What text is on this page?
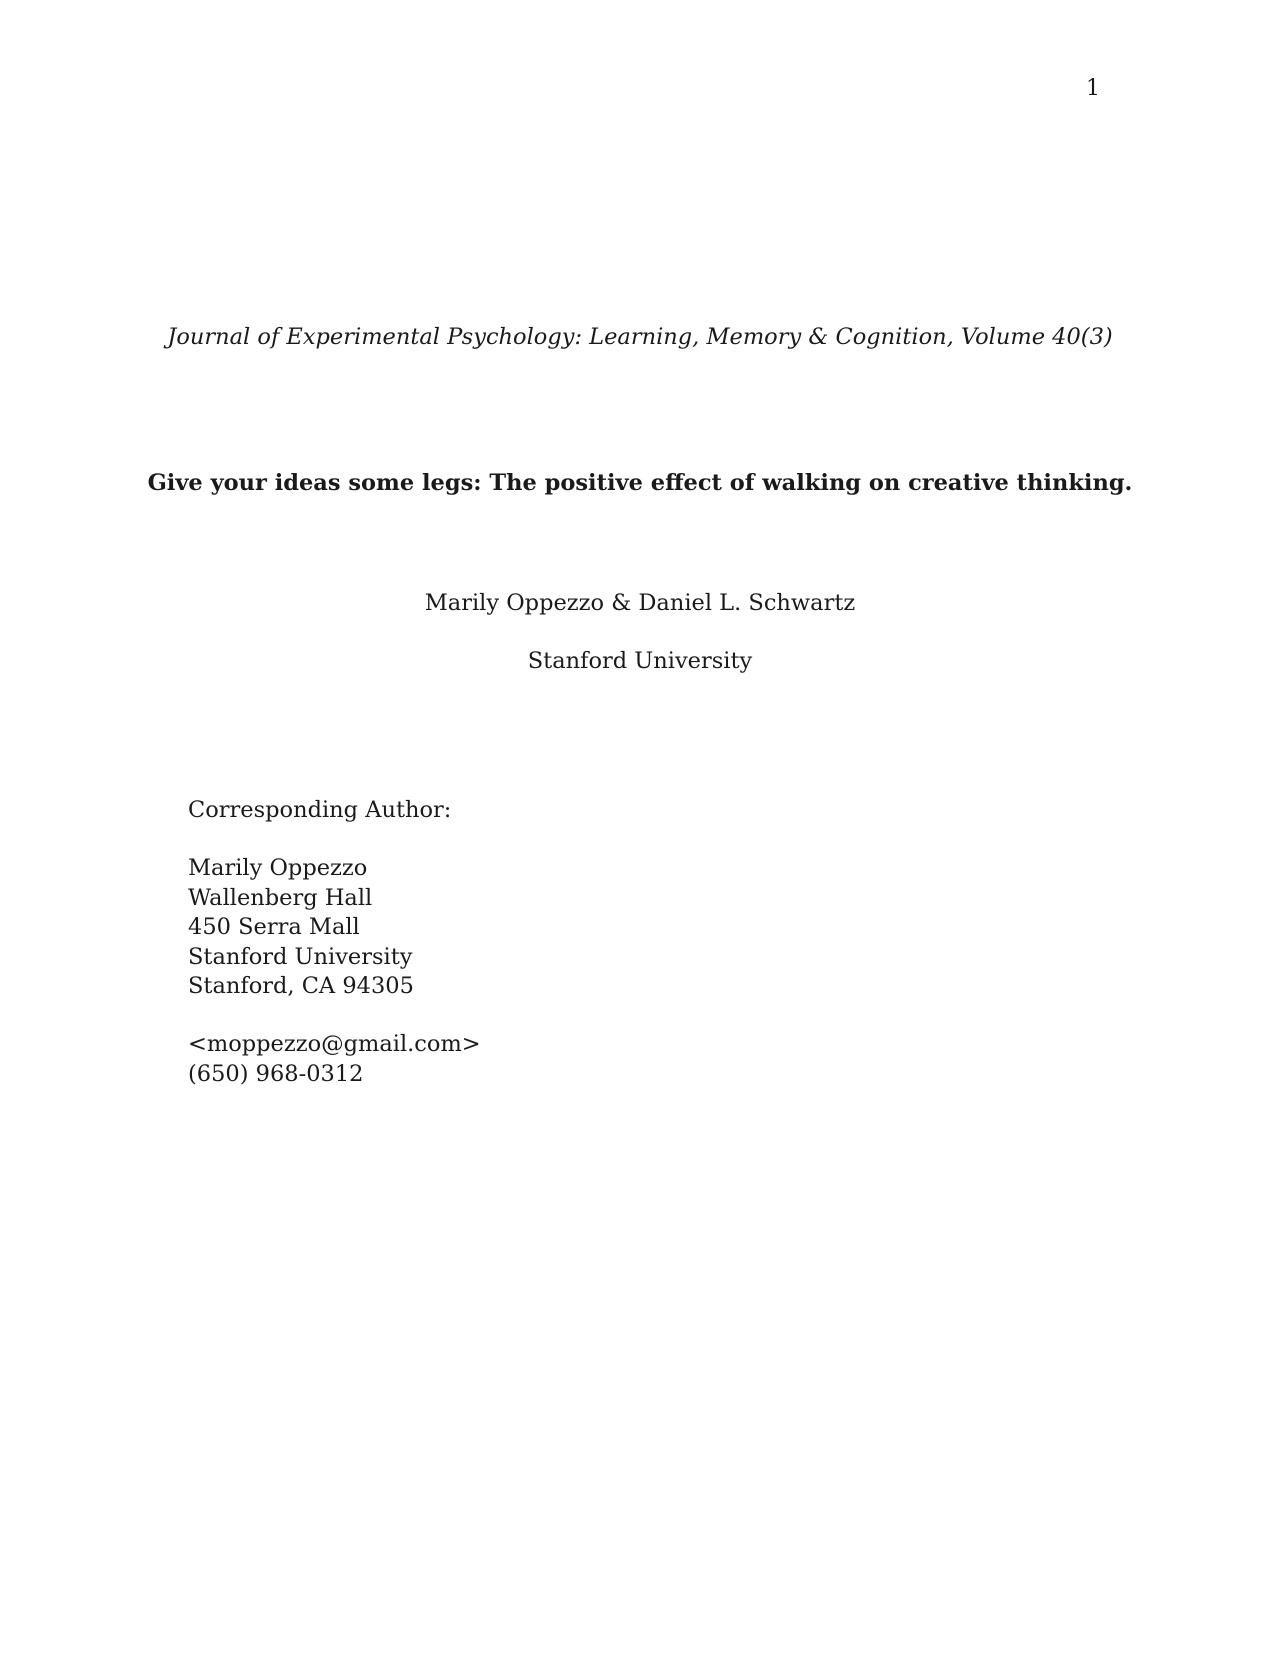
1
Journal of Experimental Psychology: Learning, Memory & Cognition, Volume 40(3)
Give your ideas some legs: The positive effect of walking on creative thinking.
Marily Oppezzo & Daniel L. Schwartz
Stanford University
Corresponding Author:
Marily Oppezzo
Wallenberg Hall
450 Serra Mall
Stanford University
Stanford, CA 94305
<moppezzo@gmail.com>
(650) 968-0312
